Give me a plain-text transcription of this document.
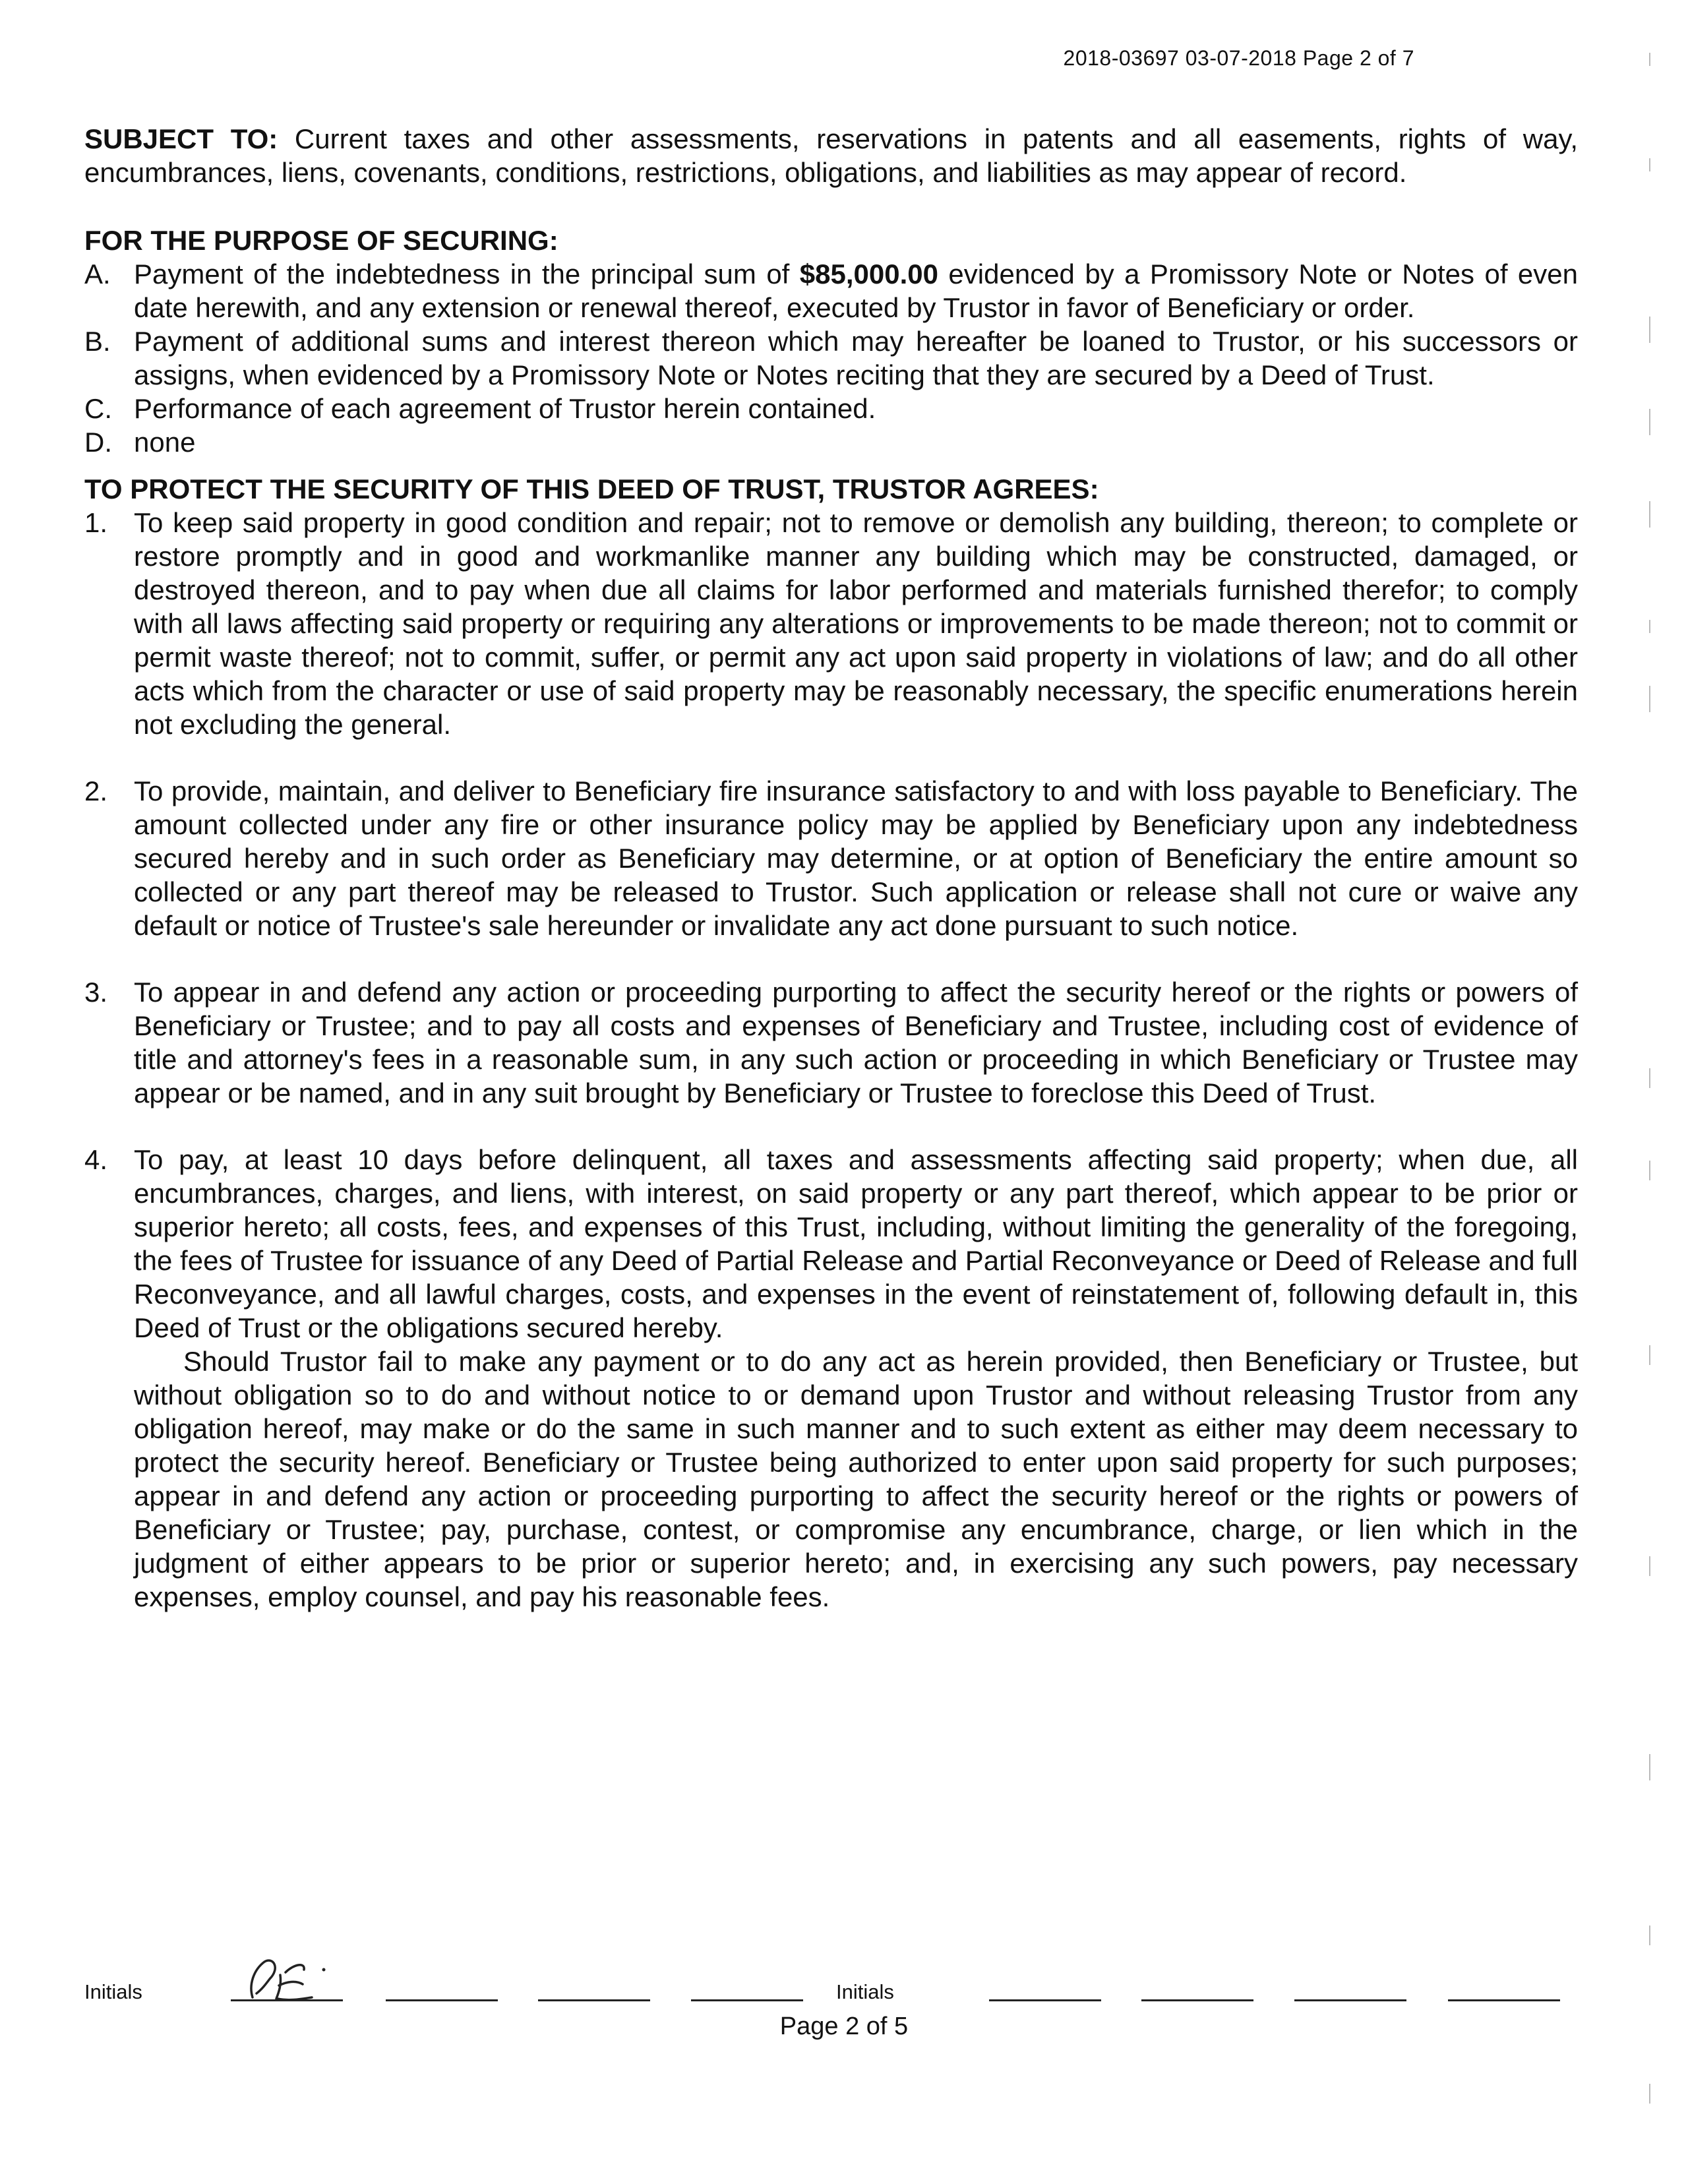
2018-03697 03-07-2018 Page 2 of 7

SUBJECT TO: Current taxes and other assessments, reservations in patents and all easements, rights of way, encumbrances, liens, covenants, conditions, restrictions, obligations, and liabilities as may appear of record.

FOR THE PURPOSE OF SECURING:

A. Payment of the indebtedness in the principal sum of $85,000.00 evidenced by a Promissory Note or Notes of even date herewith, and any extension or renewal thereof, executed by Trustor in favor of Beneficiary or order.
B. Payment of additional sums and interest thereon which may hereafter be loaned to Trustor, or his successors or assigns, when evidenced by a Promissory Note or Notes reciting that they are secured by a Deed of Trust.
C. Performance of each agreement of Trustor herein contained.
D. none

TO PROTECT THE SECURITY OF THIS DEED OF TRUST, TRUSTOR AGREES:

1. To keep said property in good condition and repair; not to remove or demolish any building, thereon; to complete or restore promptly and in good and workmanlike manner any building which may be constructed, damaged, or destroyed thereon, and to pay when due all claims for labor performed and materials furnished therefor; to comply with all laws affecting said property or requiring any alterations or improvements to be made thereon; not to commit or permit waste thereof; not to commit, suffer, or permit any act upon said property in violations of law; and do all other acts which from the character or use of said property may be reasonably necessary, the specific enumerations herein not excluding the general.
2. To provide, maintain, and deliver to Beneficiary fire insurance satisfactory to and with loss payable to Beneficiary. The amount collected under any fire or other insurance policy may be applied by Beneficiary upon any indebtedness secured hereby and in such order as Beneficiary may determine, or at option of Beneficiary the entire amount so collected or any part thereof may be released to Trustor. Such application or release shall not cure or waive any default or notice of Trustee's sale hereunder or invalidate any act done pursuant to such notice.
3. To appear in and defend any action or proceeding purporting to affect the security hereof or the rights or powers of Beneficiary or Trustee; and to pay all costs and expenses of Beneficiary and Trustee, including cost of evidence of title and attorney's fees in a reasonable sum, in any such action or proceeding in which Beneficiary or Trustee may appear or be named, and in any suit brought by Beneficiary or Trustee to foreclose this Deed of Trust.
4. To pay, at least 10 days before delinquent, all taxes and assessments affecting said property; when due, all encumbrances, charges, and liens, with interest, on said property or any part thereof, which appear to be prior or superior hereto; all costs, fees, and expenses of this Trust, including, without limiting the generality of the foregoing, the fees of Trustee for issuance of any Deed of Partial Release and Partial Reconveyance or Deed of Release and full Reconveyance, and all lawful charges, costs, and expenses in the event of reinstatement of, following default in, this Deed of Trust or the obligations secured hereby.

Should Trustor fail to make any payment or to do any act as herein provided, then Beneficiary or Trustee, but without obligation so to do and without notice to or demand upon Trustor and without releasing Trustor from any obligation hereof, may make or do the same in such manner and to such extent as either may deem necessary to protect the security hereof. Beneficiary or Trustee being authorized to enter upon said property for such purposes; appear in and defend any action or proceeding purporting to affect the security hereof or the rights or powers of Beneficiary or Trustee; pay, purchase, contest, or compromise any encumbrance, charge, or lien which in the judgment of either appears to be prior or superior hereto; and, in exercising any such powers, pay necessary expenses, employ counsel, and pay his reasonable fees.

Initials	Initials
Page 2 of 5
